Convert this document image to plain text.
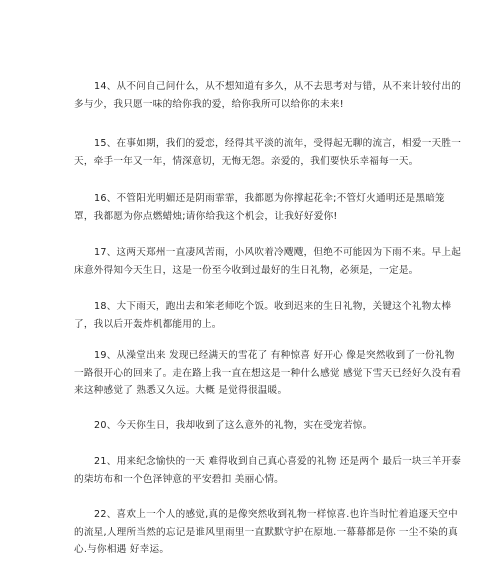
14、从不问自己问什么，从不想知道有多久，从不去思考对与错，从不来计较付出的多与少，我只愿一味的给你我的爱，给你我所可以给你的未来!

15、在事如期，我们的爱恋，经得其平淡的流年，受得起无聊的流言，相爱一天胜一天，牵手一年又一年，情深意切，无悔无怨。亲爱的，我们要快乐幸福每一天。

16、不管阳光明媚还是阴雨霏霏，我都愿为你撑起花伞;不管灯火通明还是黑暗笼罩，我都愿为你点燃蜡烛;请你给我这个机会，让我好好爱你!

17、这两天郑州一直凄风苦雨，小风吹着冷飕飕，但绝不可能因为下雨不来。早上起床意外得知今天生日，这是一份至今收到过最好的生日礼物，必须是，一定是。

18、大下雨天，跑出去和笨老师吃个饭。收到迟来的生日礼物，关键这个礼物太棒了，我以后开轰炸机都能用的上。

19、从澡堂出来 发现已经满天的雪花了 有种惊喜 好开心 像是突然收到了一份礼物 一路很开心的回来了。走在路上我一直在想这是一种什么感觉 感觉下雪天已经好久没有看来这种感觉了 熟悉又久远。大概 是觉得很温暖。

20、今天你生日，我却收到了这么意外的礼物，实在受宠若惊。

21、用来纪念愉快的一天 难得收到自己真心喜爱的礼物 还是两个 最后一块三羊开泰的柒坊布和一个色泽钟意的平安碧扣 美丽心情。

22、喜欢上一个人的感觉,真的是像突然收到礼物一样惊喜.也许当时忙着追逐天空中的流星,人理所当然的忘记是谁风里雨里一直默默守护在原地.一幕幕都是你 一尘不染的真心.与你相遇 好幸运。
